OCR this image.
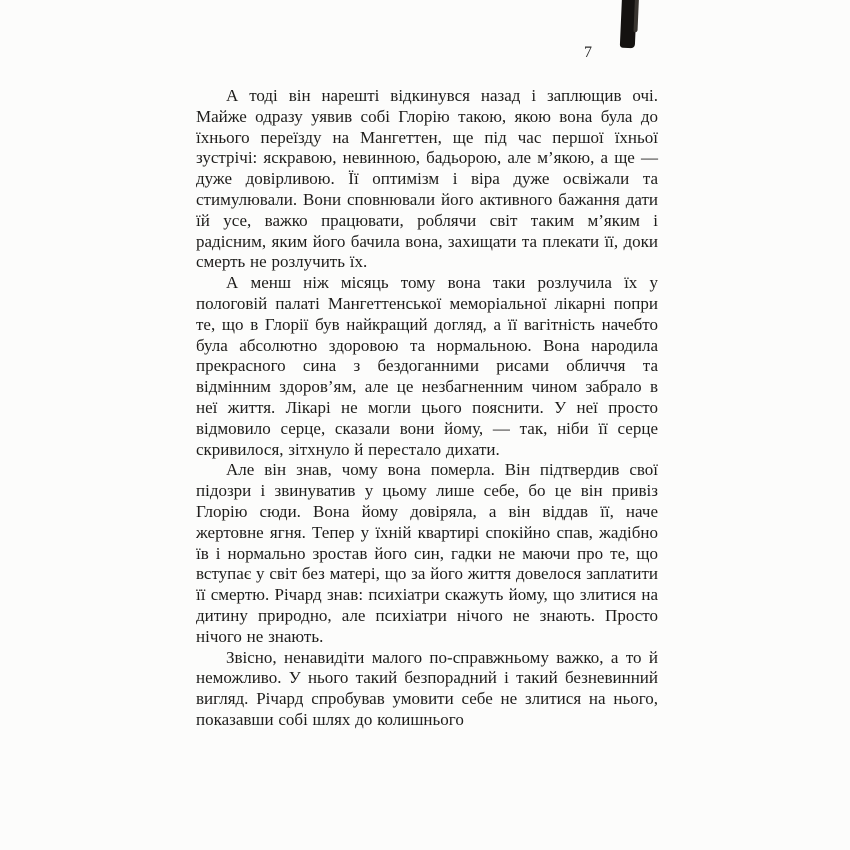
7

А тоді він нарешті відкинувся назад і заплющив очі. Майже одразу уявив собі Глорію такою, якою вона була до їхнього переїзду на Мангеттен, ще під час першої їхньої зустрічі: яскравою, невинною, бадьорою, але м’якою, а ще — дуже довірливою. Її оптимізм і віра дуже освіжали та стимулювали. Вони сповнювали його активного бажання дати їй усе, важко працювати, роблячи світ таким м’яким і радісним, яким його бачила вона, захищати та плекати її, доки смерть не розлучить їх.

А менш ніж місяць тому вона таки розлучила їх у пологовій палаті Мангеттенської меморіальної лікарні попри те, що в Глорії був найкращий догляд, а її вагітність начебто була абсолютно здоровою та нормальною. Вона народила прекрасного сина з бездоганними рисами обличчя та відмінним здоров’ям, але це незбагненним чином забрало в неї життя. Лікарі не могли цього пояснити. У неї просто відмовило серце, сказали вони йому, — так, ніби її серце скривилося, зітхнуло й перестало дихати.

Але він знав, чому вона померла. Він підтвердив свої підозри і звинуватив у цьому лише себе, бо це він привіз Глорію сюди. Вона йому довіряла, а він віддав її, наче жертовне ягня. Тепер у їхній квартирі спокійно спав, жадібно їв і нормально зростав його син, гадки не маючи про те, що вступає у світ без матері, що за його життя довелося заплатити її смертю. Річард знав: психіатри скажуть йому, що злитися на дитину природно, але психіатри нічого не знають. Просто нічого не знають.

Звісно, ненавидіти малого по-справжньому важко, а то й неможливо. У нього такий безпорадний і такий безневинний вигляд. Річард спробував умовити себе не злитися на нього, показавши собі шлях до колишнього
